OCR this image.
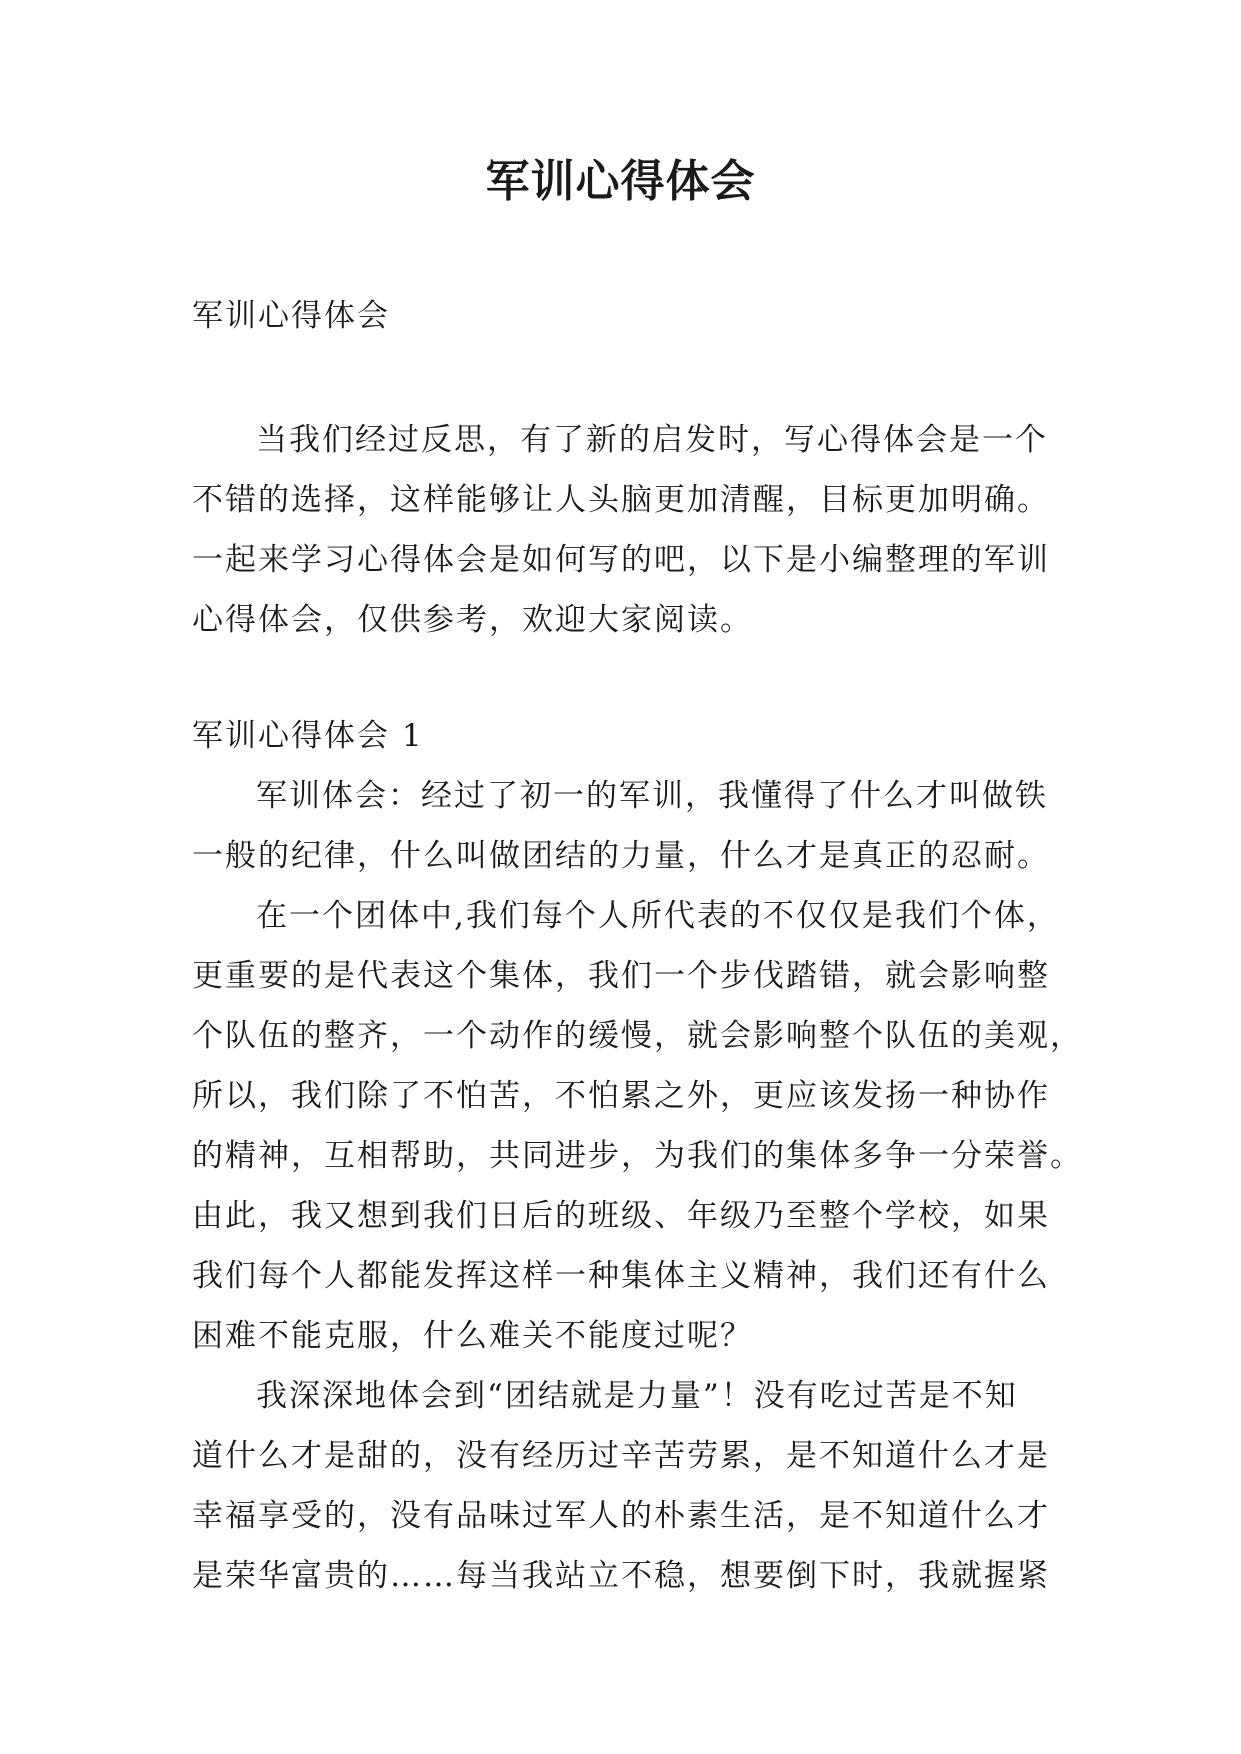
军训心得体会
军训心得体会
当我们经过反思，有了新的启发时，写心得体会是一个
不错的选择，这样能够让人头脑更加清醒，目标更加明确。
一起来学习心得体会是如何写的吧，以下是小编整理的军训
心得体会，仅供参考，欢迎大家阅读。
军训心得体会 1
军训体会：经过了初一的军训，我懂得了什么才叫做铁
一般的纪律，什么叫做团结的力量，什么才是真正的忍耐。
在一个团体中,我们每个人所代表的不仅仅是我们个体，
更重要的是代表这个集体，我们一个步伐踏错，就会影响整
个队伍的整齐，一个动作的缓慢，就会影响整个队伍的美观，
所以，我们除了不怕苦，不怕累之外，更应该发扬一种协作
的精神，互相帮助，共同进步，为我们的集体多争一分荣誉。
由此，我又想到我们日后的班级、年级乃至整个学校，如果
我们每个人都能发挥这样一种集体主义精神，我们还有什么
困难不能克服，什么难关不能度过呢？
我深深地体会到“团结就是力量”！没有吃过苦是不知
道什么才是甜的，没有经历过辛苦劳累，是不知道什么才是
幸福享受的，没有品味过军人的朴素生活，是不知道什么才
是荣华富贵的……每当我站立不稳，想要倒下时，我就握紧
